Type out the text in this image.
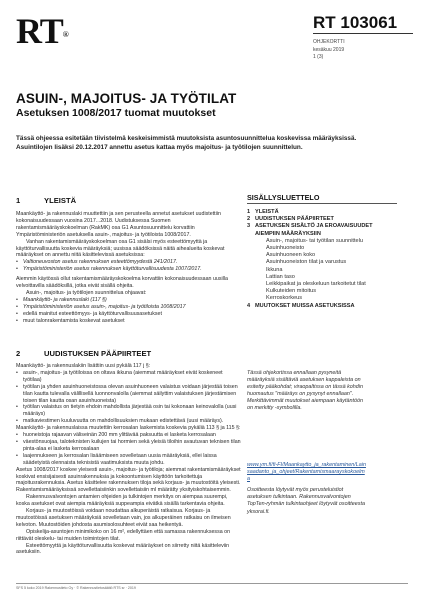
RT®
RT 103061
OHJEKORTTI
kesäkuu 2019
1 (3)
ASUIN-, MAJOITUS- JA TYÖTILAT
Asetuksen 1008/2017 tuomat muutokset
Tässä ohjeessa esitetään tiivistelmä keskeisimmistä muutoksista asuntosuunnittelua koskevissa määräyksissä. Asuintilojen lisäksi 20.12.2017 annettu asetus kattaa myös majoitus- ja työtilojen suunnittelun.
1	YLEISTÄ

Maankäyttö- ja rakennuslaki muuttettiin ja sen perusteella annetut asetukset uudistettiin kokonaisuudessaan vuosina 2017...2018. Uudistuksessa Suomen rakentamismääräyskokoelman (RakMK) osa G1 Asuntosuunnittelu korvattiin Ympäristöministeriön asetuksella asuin-, majoitus- ja työtiloista 1008/2017.

Vanhan rakentamismääräyskokoelman osa G1 sisälsi myös esteettömyyttä ja käyttöturvallisuutta koskevia määräyksiä; uusissa säädöksissä näitä aihealueita koskevat määräykset on annettu niitä käsittelevissä asetuksissa:

• Valtioneuvoston asetus rakennuksen esteettömyydestä 241/2017.
• Ympäristöministeriön asetus rakennuksen käyttöturvallisuudesta 1007/2017.

Aiemmin käytössä ollut rakentamismääräyskokoelma korvattiin kokonaisuudessaan uusilla velvoittavilla säädöksillä, jotka eivät sisällä ohjeita.

Asuin-, majoitus- ja työtilojen suunnittelua ohjaavat:

• Maankäyttö- ja rakennuslaki (117 §)
• Ympäristöministeriön asetus asuin-, majoitus- ja työtiloista 1008/2017
• edellä mainitut esteettömyys- ja käyttöturvallisuusasetukset
• muut talonrakentamista koskevat asetukset
2	UUDISTUKSEN PÄÄPIIRTEET

Maankäyttö- ja rakennuslakiin lisättiin uusi pykälä 117 j §:

• asuin-, majoitus- ja työtiloissa on oltava ikkuna (aiemmat määräykset eivät koskeneet työtilaa)
• työtilan ja yhden asuinhuoneistossa olevan asuinhuoneen valaistus voidaan järjestää toisen tilan kautta tulevalla välillisellä luonnonvalolla (aiemmat säilyttim valaistuksen järjestämisen toisen tilan kautta osan asuinhuoneista)
• työtilan valaistus on tietyin ehdoin mahdollista järjestää osin tai kokonaan keinovalolla (uusi määräys)
• matkaviestimen kuuluvuutta on mahdollisuuksien mukaan edistettävä (uusi määräys).

Maankäyttö- ja rakennuslaissa muutettiin kerrosalan laskemista koskevia pykäliä 113 § ja 115 §:

• huoneistoja rajaavan väliseinän 200 mm ylittävää paksuutta ei lasketa kerrosalaan
• väestönsuojaa, taloteknisten kuilujen tai hormien sekä yleisiä tiloihin avautuvan teknisen tilan pinta-alaa ei lasketa kerrosalaan
• laajennukseen ja kerrosalan lisäämiseen sovelletaan uusia määräyksiä, ellei laissa säädetyistä olennaista teknisistä vaatimuksista muuta johdu.

Asetus 1008/2017 koskee yleisesti asuin-, majoitus- ja työtiloja; aiemmat rakentamismääräykset koskivat ensisijaisesti asuinrakennuksia ja kokoontumisen käyttöön tarkoitettuja majoitusrakennuksia. Asetus käsittelee rakennuksen tiloja sekä korjaus- ja muutostöitä yleisesti. Rakentamismääräyksissä sovellettaisiinkin sovellettaisiin ml määrätty yksityiskohtaisemmin.

Rakennusvalvontojen antamien ohjeiden ja tulkintojen merkitys on aiempaa suurempi, koska asetukset ovat aiempia määräyksiä suppeampia eivätkä sisällä tarkentavia ohjeita.

Korjaus- ja muutostöissä voidaan noudattaa alkuperäistä ratkaisua. Korjaus- ja muutostöissä asetuksen määräyksiä sovelletaan vain, jos alkuperäinen ratkaisu on ilmeisen kelvoton. Muutostöiden johdosta asumisolosuhteet eivät saa heikentyä.

Opiskelija-asuntojen minimikoko on 16 m², edellyttäen että samassa rakennuksessa on riittävät oleskelu- tai muiden toimintojen tilat.

Esteettömyyttä ja käyttöturvallisuutta koskevat määräykset on siirretty niitä käsitteleviin asetuksiin.

SISÄLLYSLUETTELO
1 YLEISTÄ
2 UUDISTUKSEN PÄÄPIIRTEET
3 ASETUKSEN SISÄLTÖ JA EROAVAISUUDET AIEMPIIN MÄÄRÄYKSIIN
Asuin-, majoitus- tai työtilan suunnittelu
Asuinhuoneisto
Asuinhuoneen koko
Asuinhuoneiston tilat ja varustus
Ikkuna
Lattian taso
Leikkipaikat ja oleskeluun tarkoitetut tilat
Kulkuteiden mitoitus
Kerroskorkeus
4 MUUTOKSET MUISSA ASETUKSISSA
Tässä ohjekortissa ennallaan pysyneitä määräyksiä sisältäviä asetuksen kappaleista on esitetty pääkohdat; viraopaltissa on tässä kohdin huomautus "määräys on pysynyt ennallaan". Merkittävimmät muutokset aiempaan käytäntöön on merkitty -symbolilla.
www.ym.fi/fi-FI/Maankaytto_ja_rakentaminen/Lainsaadanto_ja_ohjeet/Rakentamismaarayskokoelma
Osoitteesta löytyvät myös perusteluistiot asetuksen tulkintaan. Rakennusvalvontojen TopTen-ryhmän tulkintaohjeet löytyvät osoitteesta yksorai.fi.
SFS 5 koko 2019 Rakennustieto Oy · © Rakennustietosäätiö RTS sr · 2019
